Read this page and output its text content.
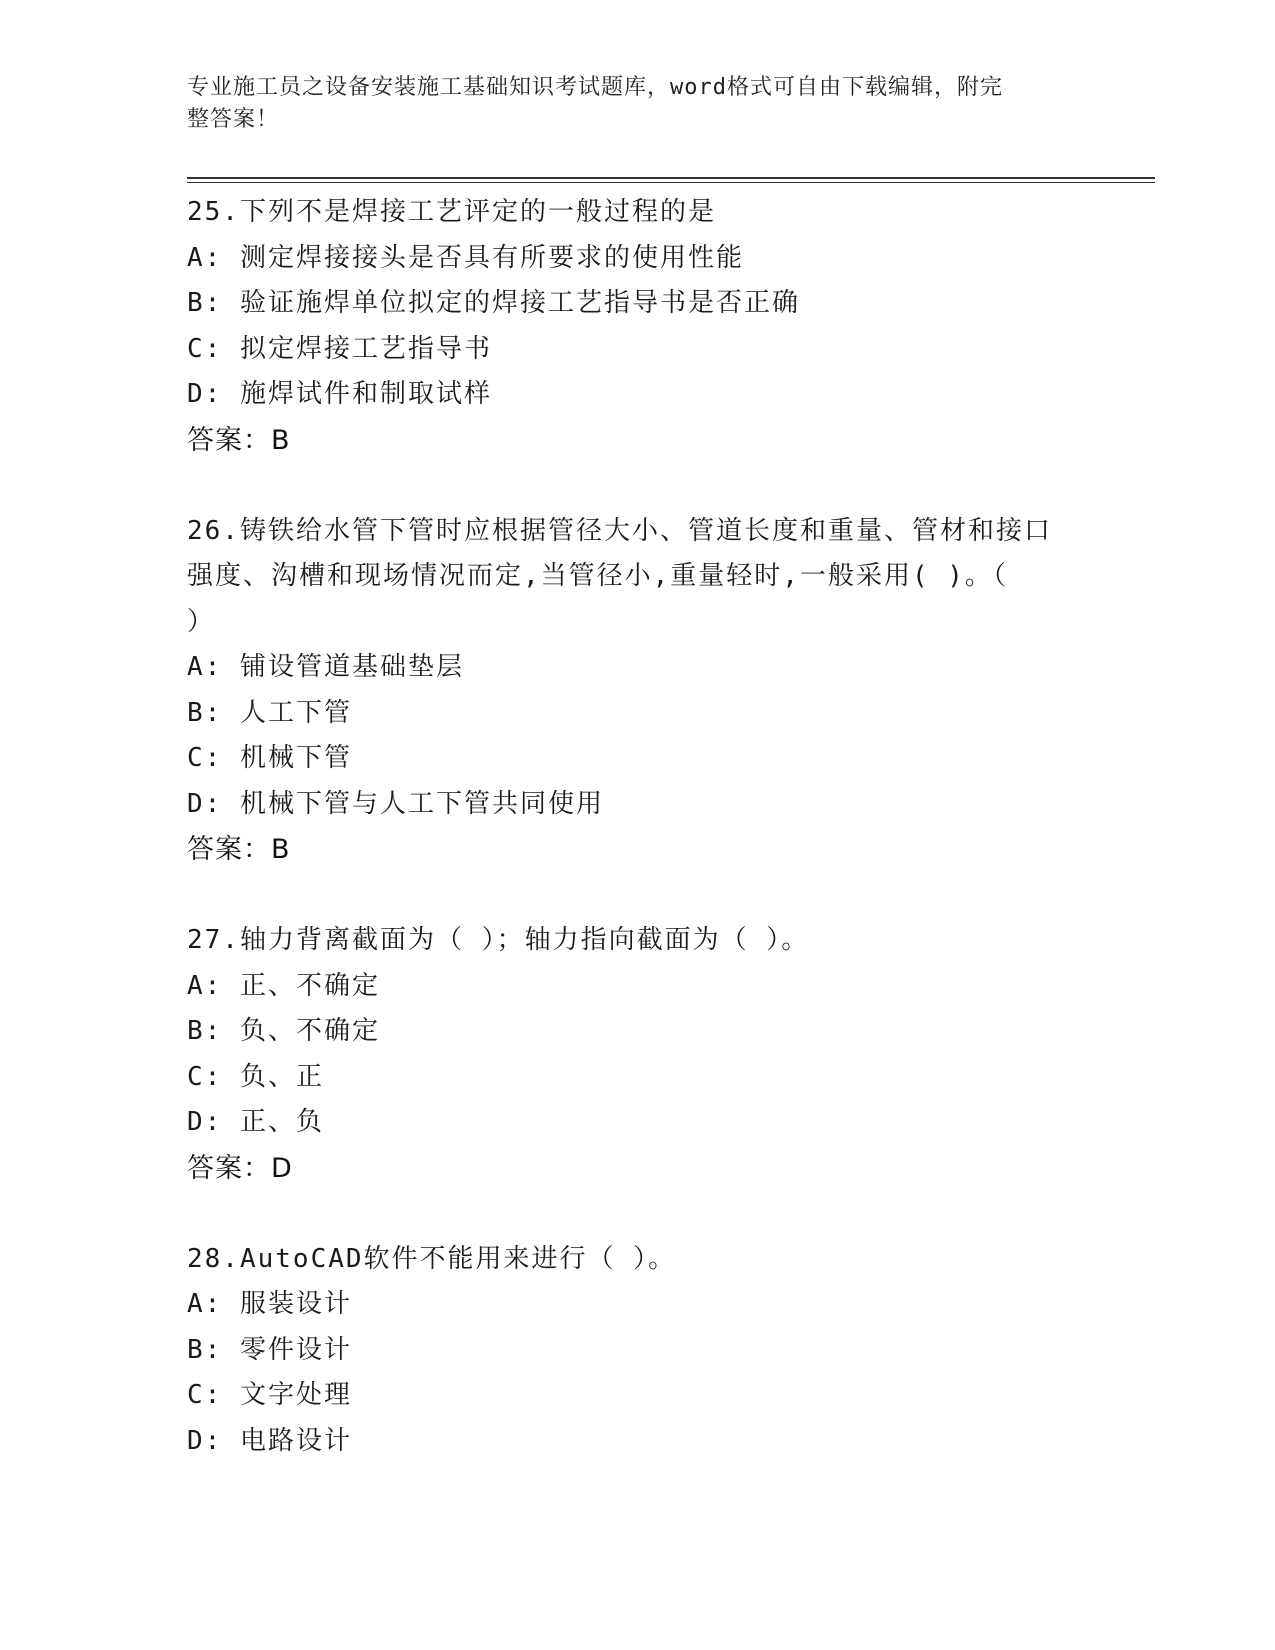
专业施工员之设备安装施工基础知识考试题库，word格式可自由下载编辑，附完
整答案！
25.下列不是焊接工艺评定的一般过程的是
A: 测定焊接接头是否具有所要求的使用性能
B: 验证施焊单位拟定的焊接工艺指导书是否正确
C: 拟定焊接工艺指导书
D: 施焊试件和制取试样
答案：B
26.铸铁给水管下管时应根据管径大小、管道长度和重量、管材和接口
强度、沟槽和现场情况而定,当管径小,重量轻时,一般采用( )。（
）
A: 铺设管道基础垫层
B: 人工下管
C: 机械下管
D: 机械下管与人工下管共同使用
答案：B
27.轴力背离截面为（ ）；轴力指向截面为（ ）。
A: 正、不确定
B: 负、不确定
C: 负、正
D: 正、负
答案：D
28.AutoCAD软件不能用来进行（ ）。
A: 服装设计
B: 零件设计
C: 文字处理
D: 电路设计
